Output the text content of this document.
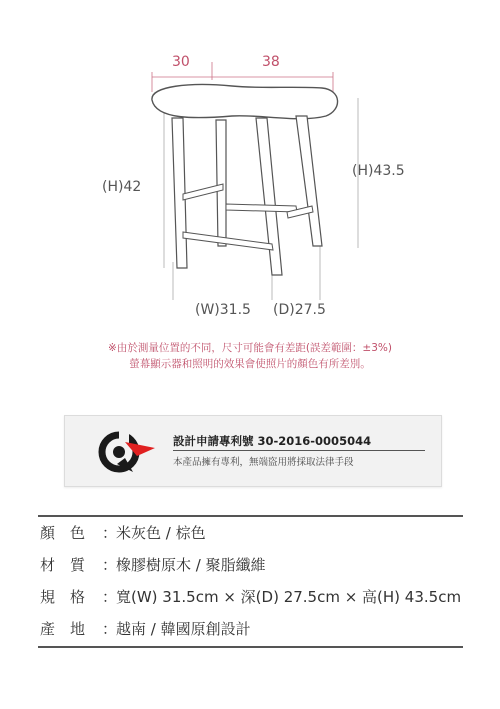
30	38
(H)42
(H)43.5
(W)31.5 (D)27.5
※由於測量位置的不同，尺寸可能會有差距(誤差範圍：±3%)
螢幕顯示器和照明的效果會使照片的顏色有所差別。
設計申請專利號 30-2016-0005044
本產品擁有專利，無端盜用將採取法律手段
顏　色 ：米灰色 / 棕色
材　質 ：橡膠樹原木 / 聚脂纖維
規　格 ：寬(W) 31.5cm × 深(D) 27.5cm × 高(H) 43.5cm
產　地 ：越南 / 韓國原創設計
